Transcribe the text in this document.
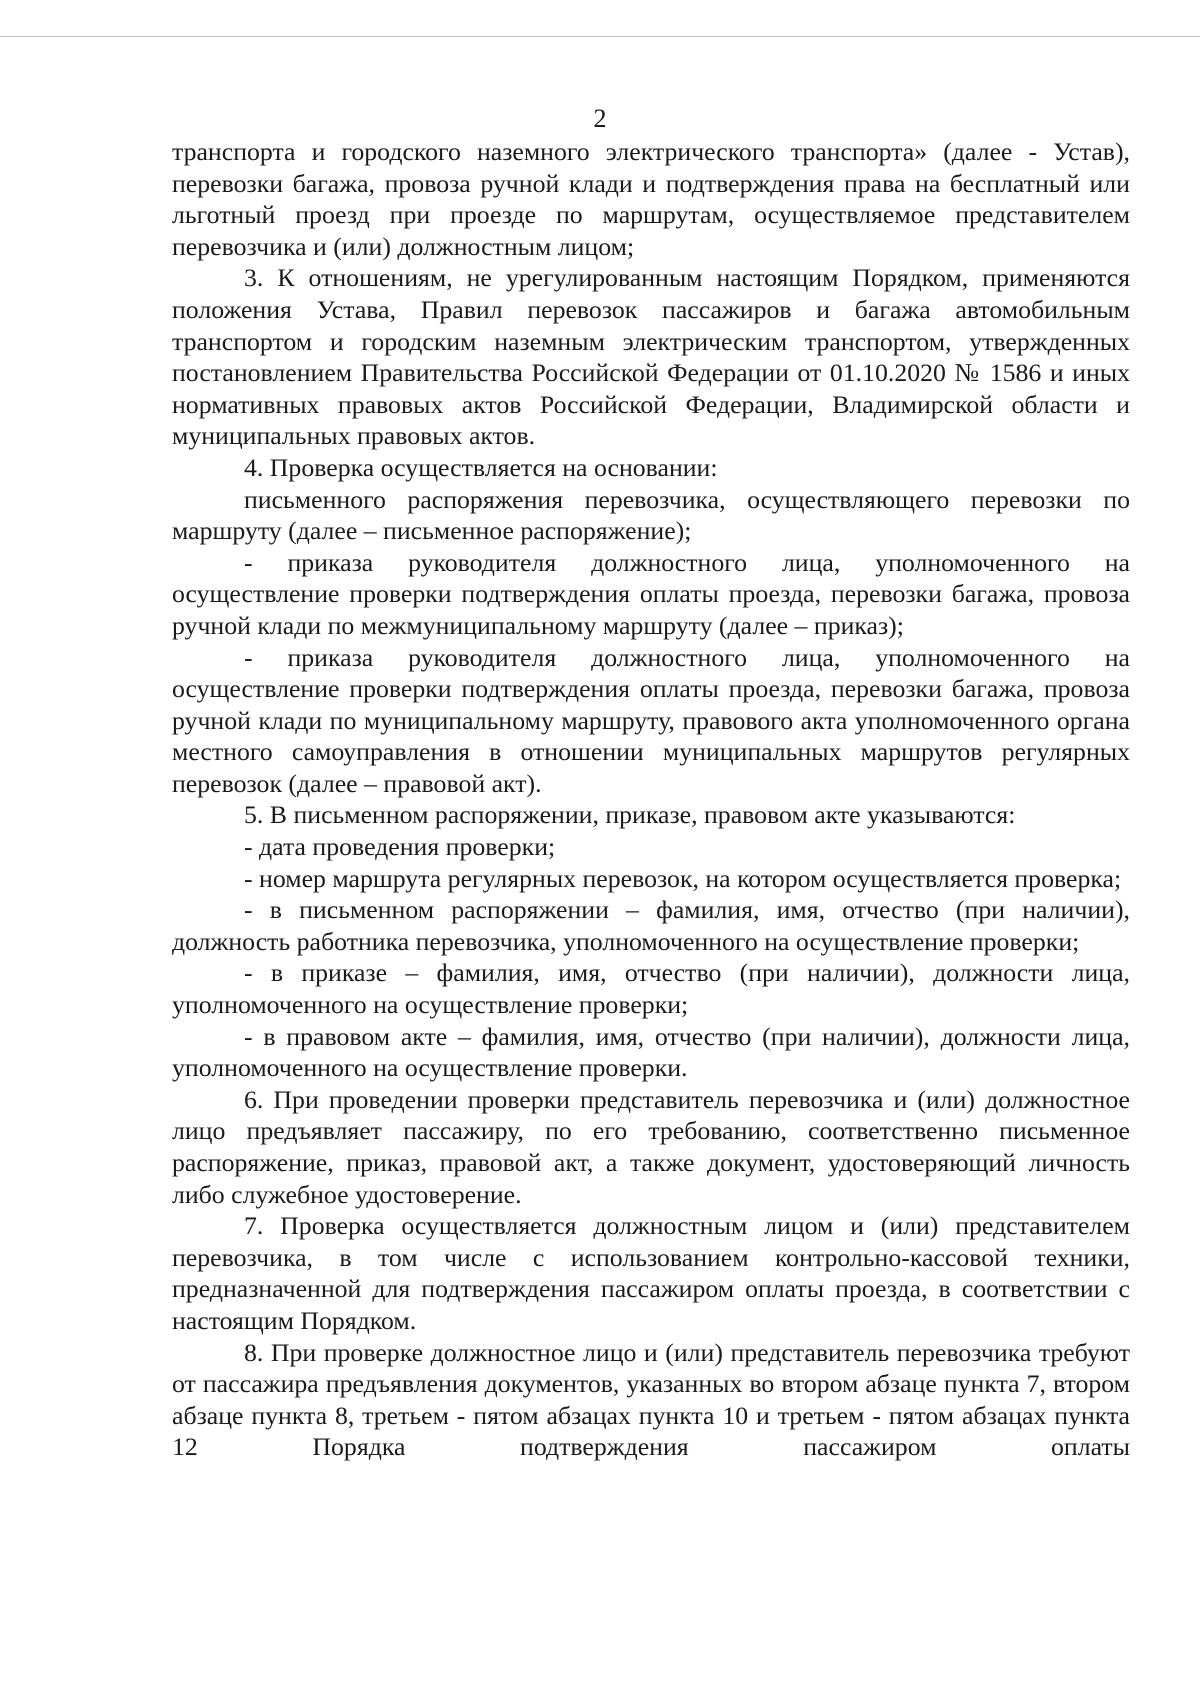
2

транспорта и городского наземного электрического транспорта» (далее - Устав), перевозки багажа, провоза ручной клади и подтверждения права на бесплатный или льготный проезд при проезде по маршрутам, осуществляемое представителем перевозчика и (или) должностным лицом;

3. К отношениям, не урегулированным настоящим Порядком, применяются положения Устава, Правил перевозок пассажиров и багажа автомобильным транспортом и городским наземным электрическим транспортом, утвержденных постановлением Правительства Российской Федерации от 01.10.2020 № 1586 и иных нормативных правовых актов Российской Федерации, Владимирской области и муниципальных правовых актов.

4. Проверка осуществляется на основании:

письменного распоряжения перевозчика, осуществляющего перевозки по маршруту (далее – письменное распоряжение);

- приказа руководителя должностного лица, уполномоченного на осуществление проверки подтверждения оплаты проезда, перевозки багажа, провоза ручной клади по межмуниципальному маршруту (далее – приказ);

- приказа руководителя должностного лица, уполномоченного на осуществление проверки подтверждения оплаты проезда, перевозки багажа, провоза ручной клади по муниципальному маршруту, правового акта уполномоченного органа местного самоуправления в отношении муниципальных маршрутов регулярных перевозок (далее – правовой акт).

5. В письменном распоряжении, приказе, правовом акте указываются:

- дата проведения проверки;

- номер маршрута регулярных перевозок, на котором осуществляется проверка;

- в письменном распоряжении – фамилия, имя, отчество (при наличии), должность работника перевозчика, уполномоченного на осуществление проверки;

- в приказе – фамилия, имя, отчество (при наличии), должности лица, уполномоченного на осуществление проверки;

- в правовом акте – фамилия, имя, отчество (при наличии), должности лица, уполномоченного на осуществление проверки.

6. При проведении проверки представитель перевозчика и (или) должностное лицо предъявляет пассажиру, по его требованию, соответственно письменное распоряжение, приказ, правовой акт, а также документ, удостоверяющий личность либо служебное удостоверение.

7. Проверка осуществляется должностным лицом и (или) представителем перевозчика, в том числе с использованием контрольно-кассовой техники, предназначенной для подтверждения пассажиром оплаты проезда, в соответствии с настоящим Порядком.

8. При проверке должностное лицо и (или) представитель перевозчика требуют от пассажира предъявления документов, указанных во втором абзаце пункта 7, втором абзаце пункта 8, третьем - пятом абзацах пункта 10 и третьем - пятом абзацах пункта 12 Порядка подтверждения пассажиром оплаты
